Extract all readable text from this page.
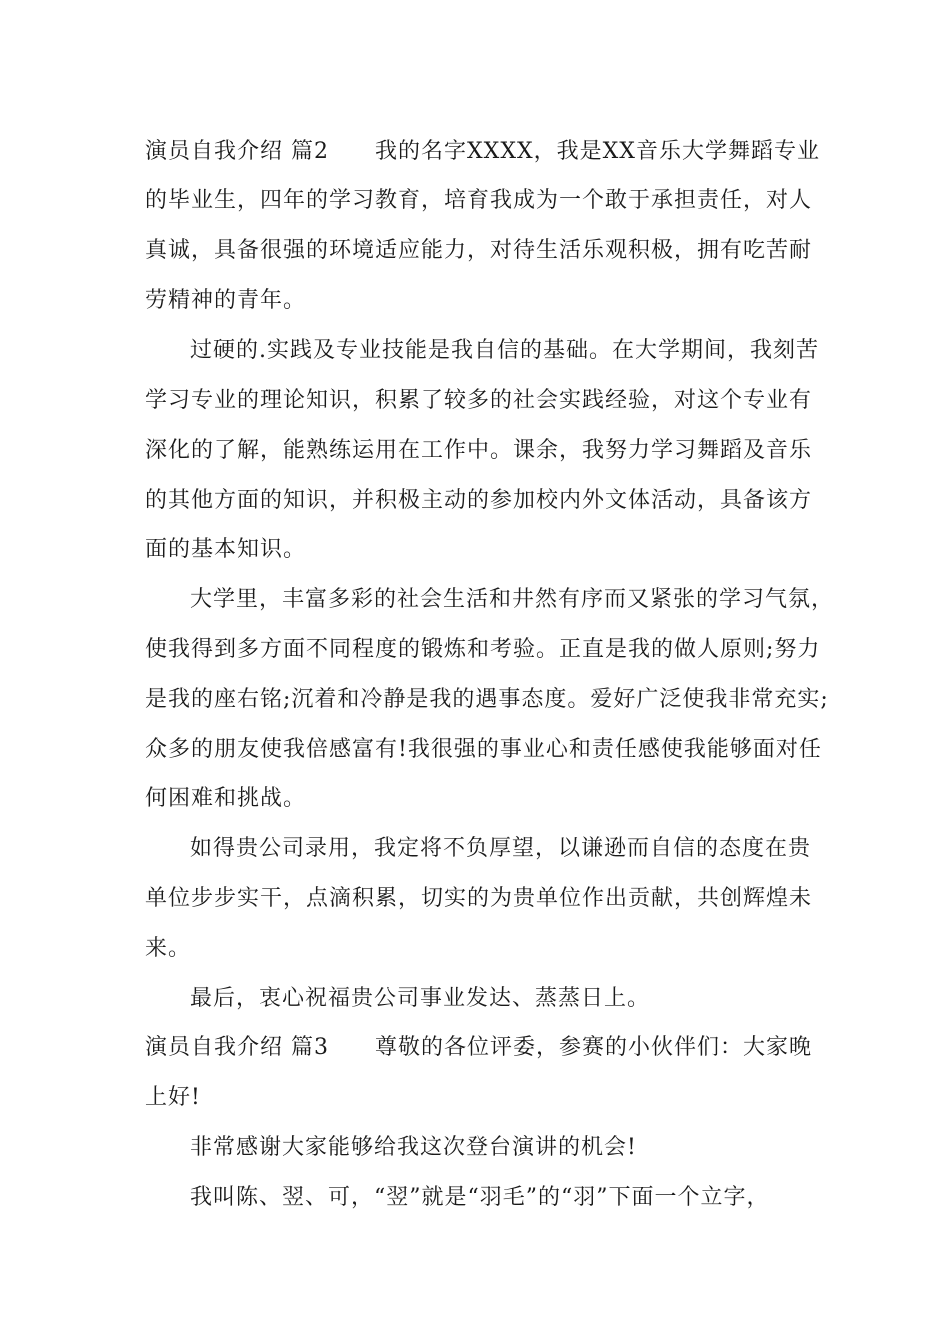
演员自我介绍 篇2　　我的名字XXXX，我是XX音乐大学舞蹈专业
的毕业生，四年的学习教育，培育我成为一个敢于承担责任，对人
真诚，具备很强的环境适应能力，对待生活乐观积极，拥有吃苦耐
劳精神的青年。
过硬的.实践及专业技能是我自信的基础。在大学期间，我刻苦
学习专业的理论知识，积累了较多的社会实践经验，对这个专业有
深化的了解，能熟练运用在工作中。课余，我努力学习舞蹈及音乐
的其他方面的知识，并积极主动的参加校内外文体活动，具备该方
面的基本知识。
大学里，丰富多彩的社会生活和井然有序而又紧张的学习气氛，
使我得到多方面不同程度的锻炼和考验。正直是我的做人原则;努力
是我的座右铭;沉着和冷静是我的遇事态度。爱好广泛使我非常充实;
众多的朋友使我倍感富有!我很强的事业心和责任感使我能够面对任
何困难和挑战。
如得贵公司录用，我定将不负厚望，以谦逊而自信的态度在贵
单位步步实干，点滴积累，切实的为贵单位作出贡献，共创辉煌未
来。
最后，衷心祝福贵公司事业发达、蒸蒸日上。
演员自我介绍 篇3　　尊敬的各位评委，参赛的小伙伴们：大家晚
上好!
非常感谢大家能够给我这次登台演讲的机会!
我叫陈、翌、可，“翌”就是“羽毛”的“羽”下面一个立字，
